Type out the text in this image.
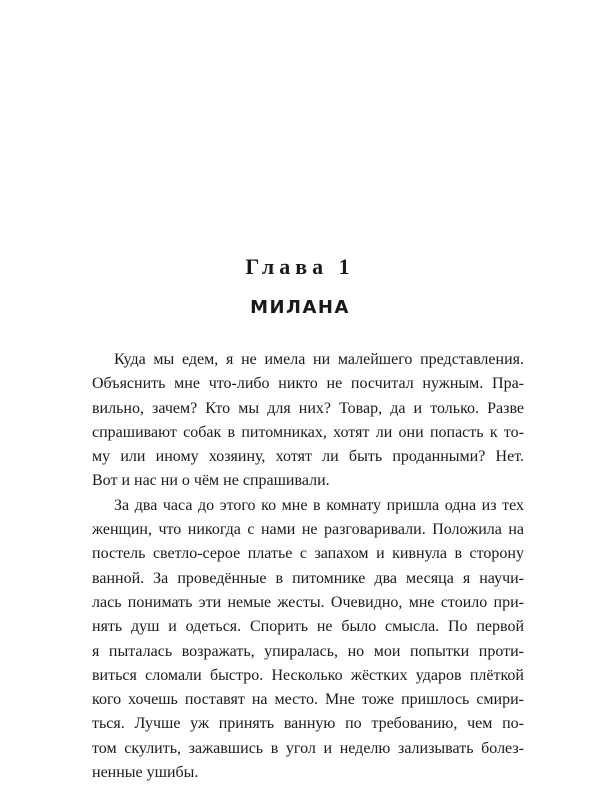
Глава 1
МИЛАНА
Куда мы едем, я не имела ни малейшего представления.
Объяснить мне что-либо никто не посчитал нужным. Пра-
вильно, зачем? Кто мы для них? Товар, да и только. Разве
спрашивают собак в питомниках, хотят ли они попасть к то-
му или иному хозяину, хотят ли быть проданными? Нет.
Вот и нас ни о чём не спрашивали.
За два часа до этого ко мне в комнату пришла одна из тех
женщин, что никогда с нами не разговаривали. Положила на
постель светло-серое платье с запахом и кивнула в сторону
ванной. За проведённые в питомнике два месяца я научи-
лась понимать эти немые жесты. Очевидно, мне стоило при-
нять душ и одеться. Спорить не было смысла. По первой
я пыталась возражать, упиралась, но мои попытки проти-
виться сломали быстро. Несколько жёстких ударов плёткой
кого хочешь поставят на место. Мне тоже пришлось смири-
ться. Лучше уж принять ванную по требованию, чем по-
том скулить, зажавшись в угол и неделю зализывать болез-
ненные ушибы.
